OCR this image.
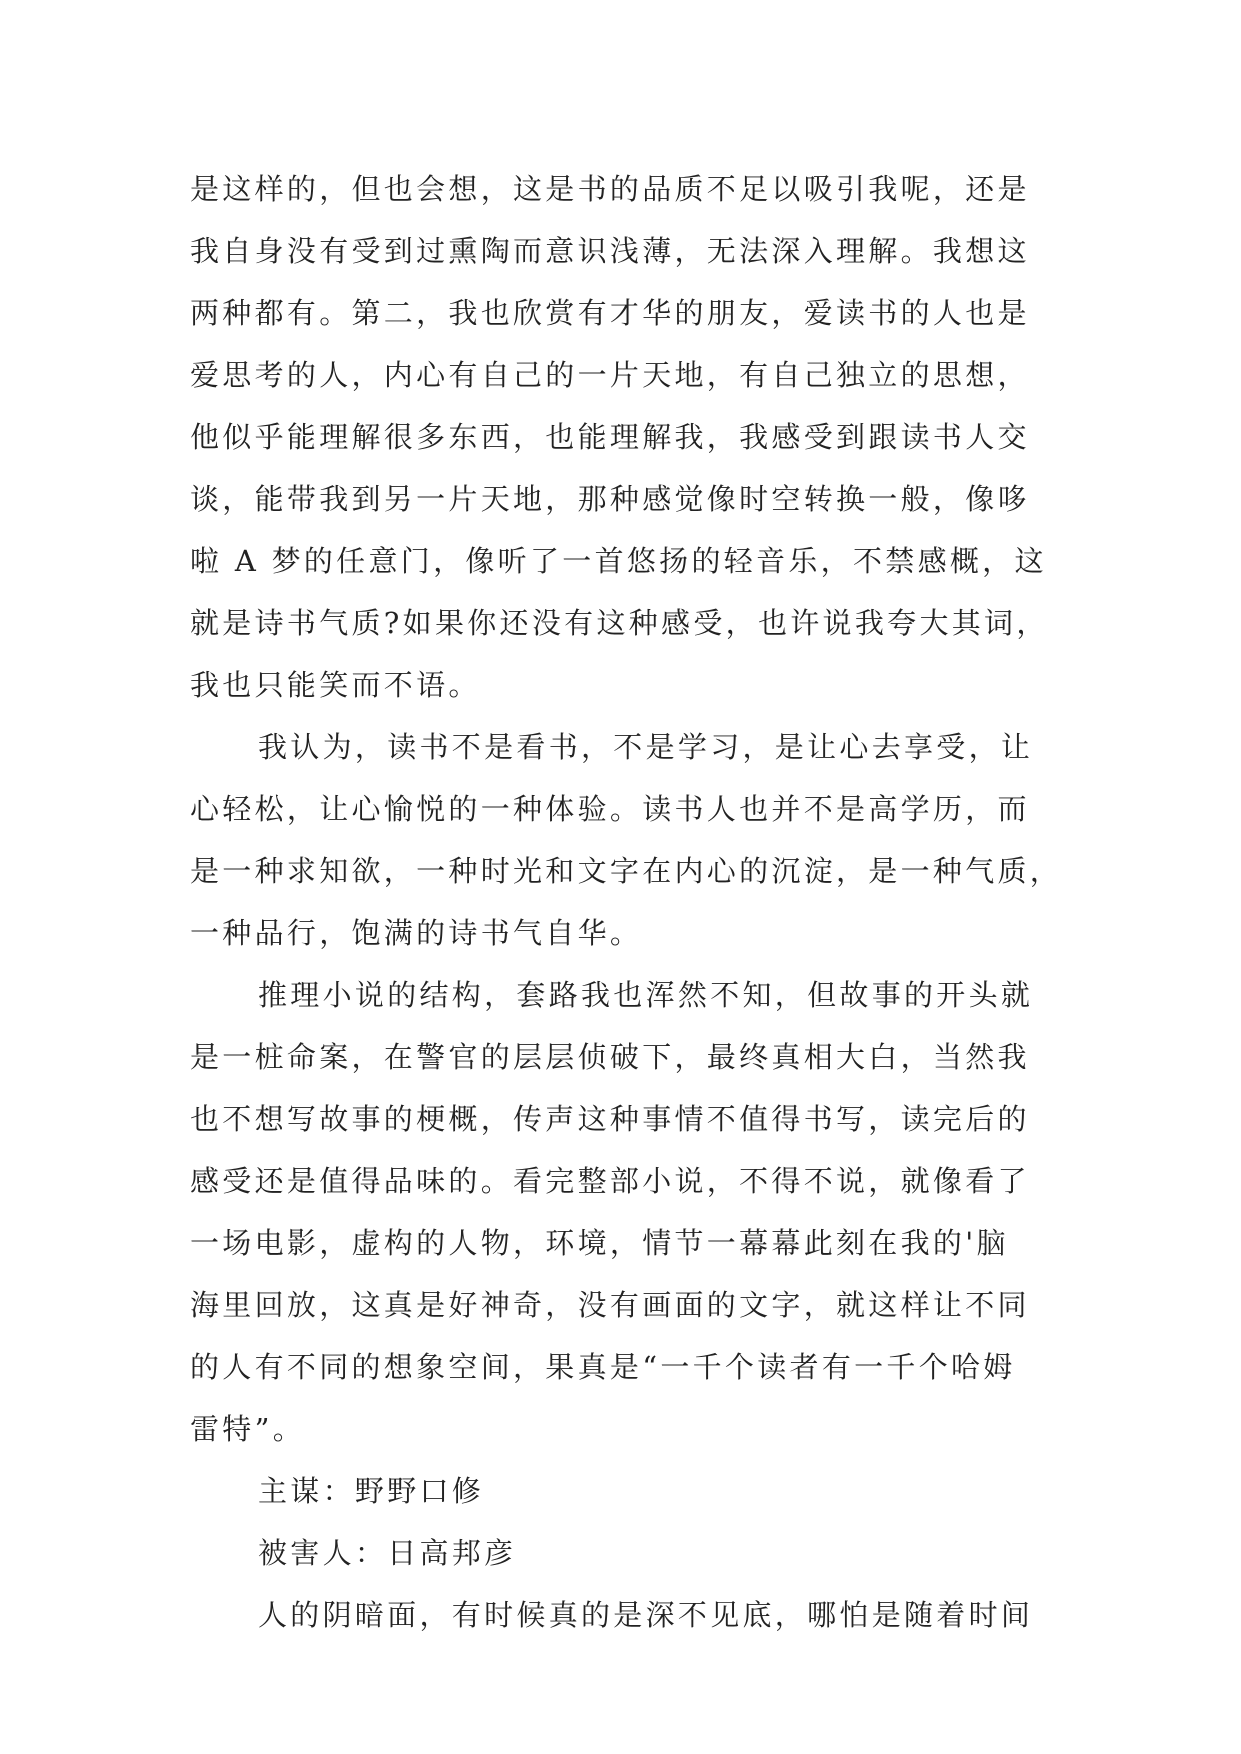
是这样的，但也会想，这是书的品质不足以吸引我呢，还是
我自身没有受到过熏陶而意识浅薄，无法深入理解。我想这
两种都有。第二，我也欣赏有才华的朋友，爱读书的人也是
爱思考的人，内心有自己的一片天地，有自己独立的思想，
他似乎能理解很多东西，也能理解我，我感受到跟读书人交
谈，能带我到另一片天地，那种感觉像时空转换一般，像哆
啦 A 梦的任意门，像听了一首悠扬的轻音乐，不禁感概，这
就是诗书气质?如果你还没有这种感受，也许说我夸大其词，
我也只能笑而不语。
我认为，读书不是看书，不是学习，是让心去享受，让
心轻松，让心愉悦的一种体验。读书人也并不是高学历，而
是一种求知欲，一种时光和文字在内心的沉淀，是一种气质，
一种品行，饱满的诗书气自华。
推理小说的结构，套路我也浑然不知，但故事的开头就
是一桩命案，在警官的层层侦破下，最终真相大白，当然我
也不想写故事的梗概，传声这种事情不值得书写，读完后的
感受还是值得品味的。看完整部小说，不得不说，就像看了
一场电影，虚构的人物，环境，情节一幕幕此刻在我的'脑
海里回放，这真是好神奇，没有画面的文字，就这样让不同
的人有不同的想象空间，果真是“一千个读者有一千个哈姆
雷特”。
主谋：野野口修
被害人：日高邦彦
人的阴暗面，有时候真的是深不见底，哪怕是随着时间
